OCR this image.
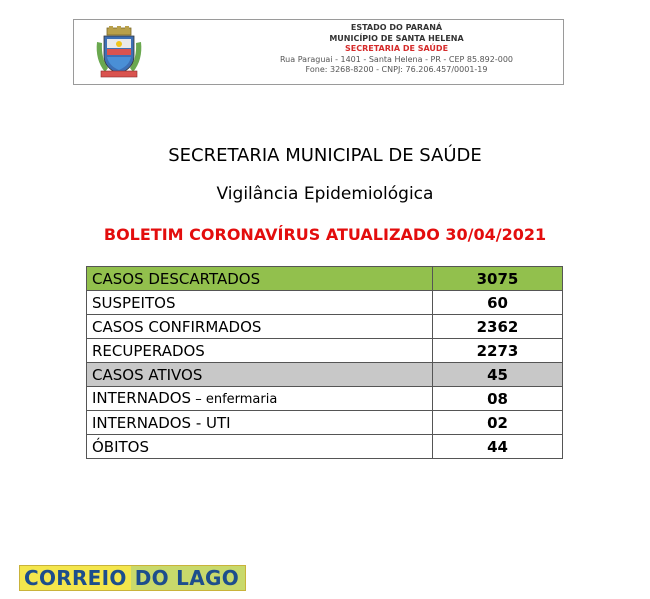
ESTADO DO PARANÁ
MUNICÍPIO DE SANTA HELENA
SECRETARIA DE SAÚDE
Rua Paraguai - 1401 - Santa Helena - PR - CEP 85.892-000
Fone: 3268-8200 - CNPJ: 76.206.457/0001-19
SECRETARIA MUNICIPAL DE SAÚDE
Vigilância Epidemiológica
BOLETIM CORONAVÍRUS ATUALIZADO 30/04/2021
CASOS DESCARTADOS	3075
SUSPEITOS	60
CASOS CONFIRMADOS	2362
RECUPERADOS	2273
CASOS ATIVOS	45
INTERNADOS – enfermaria	08
INTERNADOS - UTI	02
ÓBITOS	44
CORREIO DO LAGO
